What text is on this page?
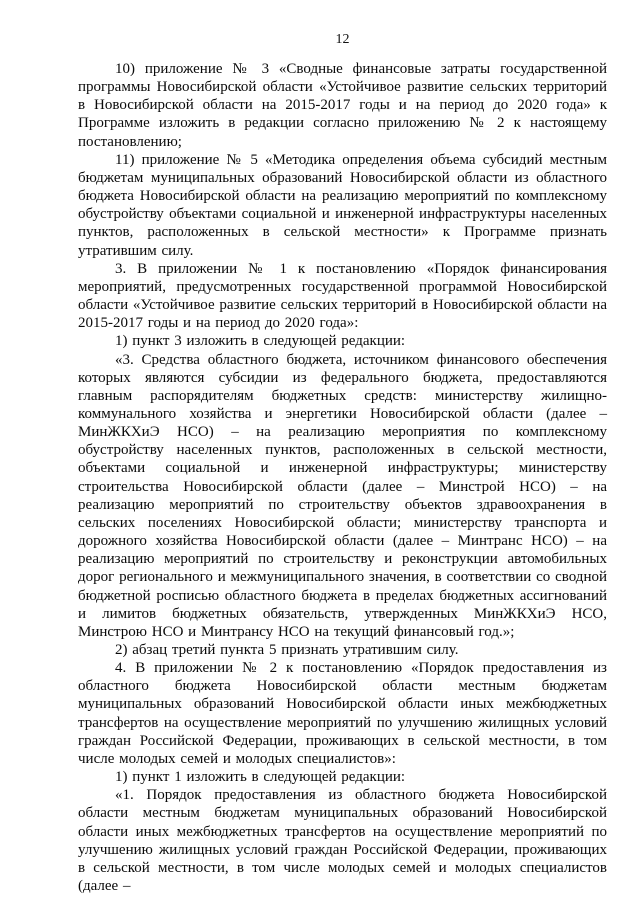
12

10) приложение № 3 «Сводные финансовые затраты государственной программы Новосибирской области «Устойчивое развитие сельских территорий в Новосибирской области на 2015-2017 годы и на период до 2020 года» к Программе изложить в редакции согласно приложению № 2 к настоящему постановлению;

11) приложение № 5 «Методика определения объема субсидий местным бюджетам муниципальных образований Новосибирской области из областного бюджета Новосибирской области на реализацию мероприятий по комплексному обустройству объектами социальной и инженерной инфраструктуры населенных пунктов, расположенных в сельской местности» к Программе признать утратившим силу.

3. В приложении № 1 к постановлению «Порядок финансирования мероприятий, предусмотренных государственной программой Новосибирской области «Устойчивое развитие сельских территорий в Новосибирской области на 2015-2017 годы и на период до 2020 года»:

1) пункт 3 изложить в следующей редакции:

«3. Средства областного бюджета, источником финансового обеспечения которых являются субсидии из федерального бюджета, предоставляются главным распорядителям бюджетных средств: министерству жилищно-коммунального хозяйства и энергетики Новосибирской области (далее – МинЖКХиЭ НСО) – на реализацию мероприятия по комплексному обустройству населенных пунктов, расположенных в сельской местности, объектами социальной и инженерной инфраструктуры; министерству строительства Новосибирской области (далее – Минстрой НСО) – на реализацию мероприятий по строительству объектов здравоохранения в сельских поселениях Новосибирской области; министерству транспорта и дорожного хозяйства Новосибирской области (далее – Минтранс НСО) – на реализацию мероприятий по строительству и реконструкции автомобильных дорог регионального и межмуниципального значения, в соответствии со сводной бюджетной росписью областного бюджета в пределах бюджетных ассигнований и лимитов бюджетных обязательств, утвержденных МинЖКХиЭ НСО, Минстрою НСО и Минтрансу НСО на текущий финансовый год.»;

2) абзац третий пункта 5 признать утратившим силу.

4. В приложении № 2 к постановлению «Порядок предоставления из областного бюджета Новосибирской области местным бюджетам муниципальных образований Новосибирской области иных межбюджетных трансфертов на осуществление мероприятий по улучшению жилищных условий граждан Российской Федерации, проживающих в сельской местности, в том числе молодых семей и молодых специалистов»:

1) пункт 1 изложить в следующей редакции:

«1. Порядок предоставления из областного бюджета Новосибирской области местным бюджетам муниципальных образований Новосибирской области иных межбюджетных трансфертов на осуществление мероприятий по улучшению жилищных условий граждан Российской Федерации, проживающих в сельской местности, в том числе молодых семей и молодых специалистов (далее –
